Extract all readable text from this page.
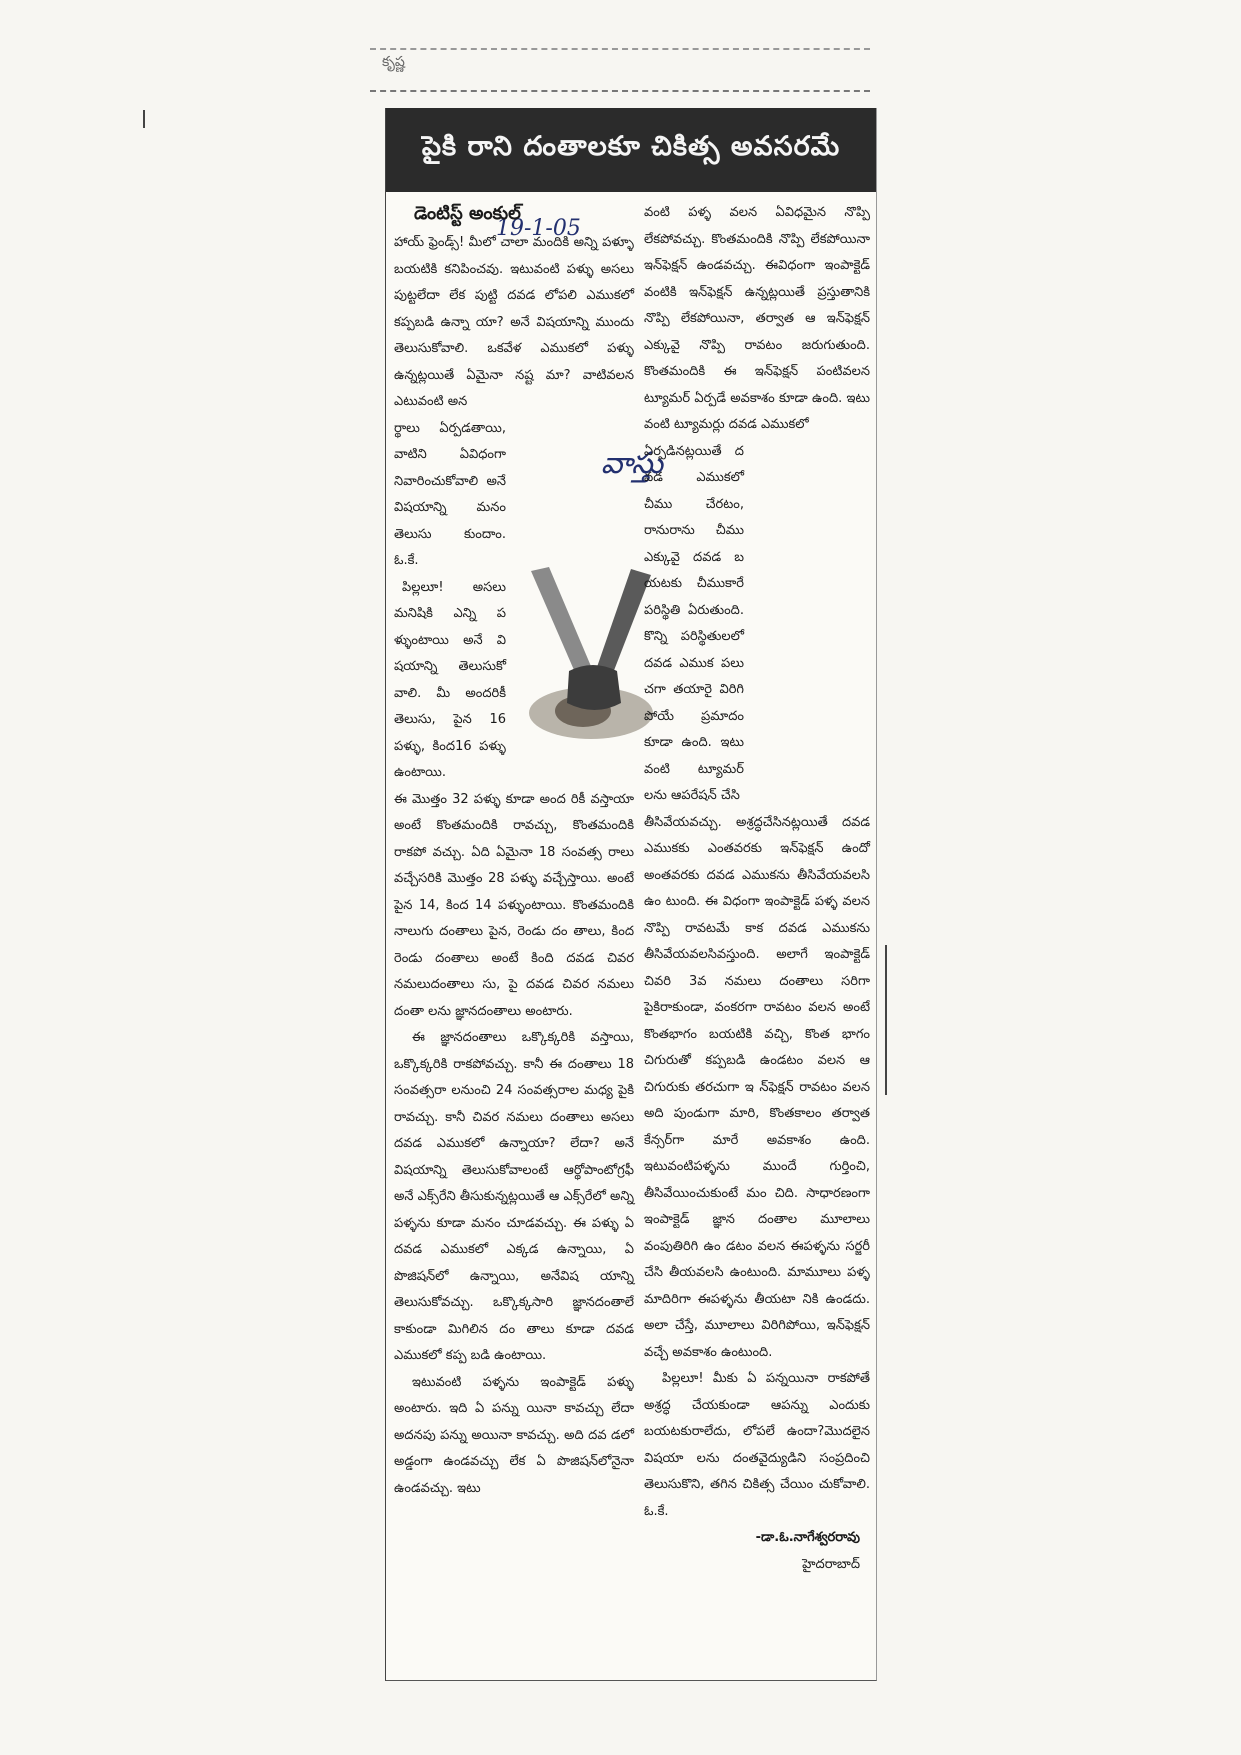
కృష్ణ
పైకి రాని దంతాలకూ చికిత్స అవసరమే
19-1-05
వాస్తు
డెంటిస్ట్ అంకుల్

హాయ్ ఫ్రెండ్స్! మీలో చాలా మందికి అన్ని పళ్ళూ బయటికి కనిపించవు. ఇటువంటి పళ్ళు అసలు పుట్టలేదా లేక పుట్టి దవడ లోపలి ఎముకలో కప్పబడి ఉన్నా యా? అనే విషయాన్ని ముందు తెలుసుకోవాలి. ఒకవేళ ఎముకలో పళ్ళు ఉన్నట్లయితే ఏమైనా నష్ట మా? వాటివలన ఎటువంటి అన

ర్థాలు ఏర్పడతాయి, వాటిని ఏవిధంగా నివారించుకోవాలి అనే విషయాన్ని మనం తెలుసు కుందాం. ఓ.కే.

పిల్లలూ! అసలు మనిషికి ఎన్ని ప ళ్ళుంటాయి అనే వి షయాన్ని తెలుసుకో వాలి. మీ అందరికీ తెలుసు, పైన 16 పళ్ళు, కింద16 పళ్ళు ఉంటాయి.

ఈ మొత్తం 32 పళ్ళు కూడా అంద రికీ వస్తాయా అంటే కొంతమందికి రావచ్చు, కొంతమందికి రాకపో వచ్చు. ఏది ఏమైనా 18 సంవత్స రాలు వచ్చేసరికి మొత్తం 28 పళ్ళు వచ్చేస్తాయి. అంటే పైన 14, కింద 14 పళ్ళుంటాయి. కొంతమందికి నాలుగు దంతాలు పైన, రెండు దం తాలు, కింద రెండు దంతాలు అంటే కింది దవడ చివర నమలుదంతాలు సు, పై దవడ చివర నమలు దంతా లను జ్ఞానదంతాలు అంటారు.

ఈ జ్ఞానదంతాలు ఒక్కొక్కరికి వస్తాయి, ఒక్కొక్కరికి రాకపోవచ్చు. కానీ ఈ దంతాలు 18 సంవత్సరా లనుంచి 24 సంవత్సరాల మధ్య పైకి రావచ్చు. కానీ చివర నమలు దంతాలు అసలు దవడ ఎముకలో ఉన్నాయా? లేదా? అనే విషయాన్ని తెలుసుకోవాలంటే ఆర్థోపాంటోగ్రఫీ అనే ఎక్స్‌రేని తీసుకున్నట్లయితే ఆ ఎక్స్‌రేలో అన్ని పళ్ళను కూడా మనం చూడవచ్చు. ఈ పళ్ళు ఏ దవడ ఎముకలో ఎక్కడ ఉన్నాయి, ఏ పొజిషన్‌లో ఉన్నాయి, అనేవిష యాన్ని తెలుసుకోవచ్చు. ఒక్కొక్కసారి జ్ఞానదంతాలే కాకుండా మిగిలిన దం తాలు కూడా దవడ ఎముకలో కప్ప బడి ఉంటాయి.

ఇటువంటి పళ్ళను ఇంపాక్టెడ్ పళ్ళు అంటారు. ఇది ఏ పన్ను యినా కావచ్చు లేదా అదనపు పన్ను అయినా కావచ్చు. అది దవ డలో అడ్డంగా ఉండవచ్చు లేక ఏ పొజిషన్‌లోనైనా ఉండవచ్చు. ఇటు

వంటి పళ్ళ వలన ఏవిధమైన నొప్పి లేకపోవచ్చు. కొంతమందికి నొప్పి లేకపోయినా ఇన్‌ఫెక్షన్ ఉండవచ్చు. ఈవిధంగా ఇంపాక్టెడ్ వంటికి ఇన్‌ఫెక్షన్ ఉన్నట్లయితే ప్రస్తుతానికి నొప్పి లేకపోయినా, తర్వాత ఆ ఇన్‌ఫెక్షన్ ఎక్కువై నొప్పి రావటం జరుగుతుంది. కొంతమందికి ఈ ఇన్‌ఫెక్షన్ పంటివలన ట్యూమర్ ఏర్పడే అవకాశం కూడా ఉంది. ఇటు వంటి ట్యూమర్లు దవడ ఎముకలో

ఏర్పడినట్లయితే ద వడ ఎముకలో చీము చేరటం, రానురాను చీము ఎక్కువై దవడ బ యటకు చీముకారే పరిస్థితి ఏరుతుంది. కొన్ని పరిస్థితులలో దవడ ఎముక పలు చగా తయారై విరిగి పోయే ప్రమాదం కూడా ఉంది. ఇటు వంటి ట్యూమర్ లను ఆపరేషన్ చేసి

తీసివేయవచ్చు. అశ్రద్ధచేసినట్లయితే దవడ ఎముకకు ఎంతవరకు ఇన్‌ఫెక్షన్ ఉందో అంతవరకు దవడ ఎముకను తీసివేయవలసి ఉం టుంది. ఈ విధంగా ఇంపాక్టెడ్ పళ్ళ వలన నొప్పి రావటమే కాక దవడ ఎముకను తీసివేయవలసివస్తుంది. అలాగే ఇంపాక్టెడ్ చివరి 3వ నమలు దంతాలు సరిగా పైకిరాకుండా, వంకరగా రావటం వలన అంటే కొంతభాగం బయటికి వచ్చి, కొంత భాగం చిగురుతో కప్పబడి ఉండటం వలన ఆ చిగురుకు తరచుగా ఇ న్‌ఫెక్షన్ రావటం వలన అది పుండుగా మారి, కొంతకాలం తర్వాత కేన్సర్‌గా మారే అవకాశం ఉంది. ఇటువంటిపళ్ళను ముందే గుర్తించి, తీసివేయించుకుంటే మం చిది. సాధారణంగా ఇంపాక్టెడ్ జ్ఞాన దంతాల మూలాలు వంపుతిరిగి ఉం డటం వలన ఈపళ్ళను సర్జరీ చేసి తీయవలసి ఉంటుంది. మామూలు పళ్ళ మాదిరిగా ఈపళ్ళను తీయటా నికి ఉండదు. అలా చేస్తే, మూలాలు విరిగిపోయి, ఇన్‌ఫెక్షన్ వచ్చే అవకాశం ఉంటుంది.

పిల్లలూ! మీకు ఏ పన్నయినా రాకపోతే అశ్రద్ధ చేయకుండా ఆపన్ను ఎందుకు బయటకురాలేదు, లోపలే ఉందా?మొదలైన విషయా లను దంతవైద్యుడిని సంప్రదించి తెలుసుకొని, తగిన చికిత్స చేయిం చుకోవాలి. ఓ.కే.

-డా.ఓ.నాగేశ్వరరావు

హైదరాబాద్
